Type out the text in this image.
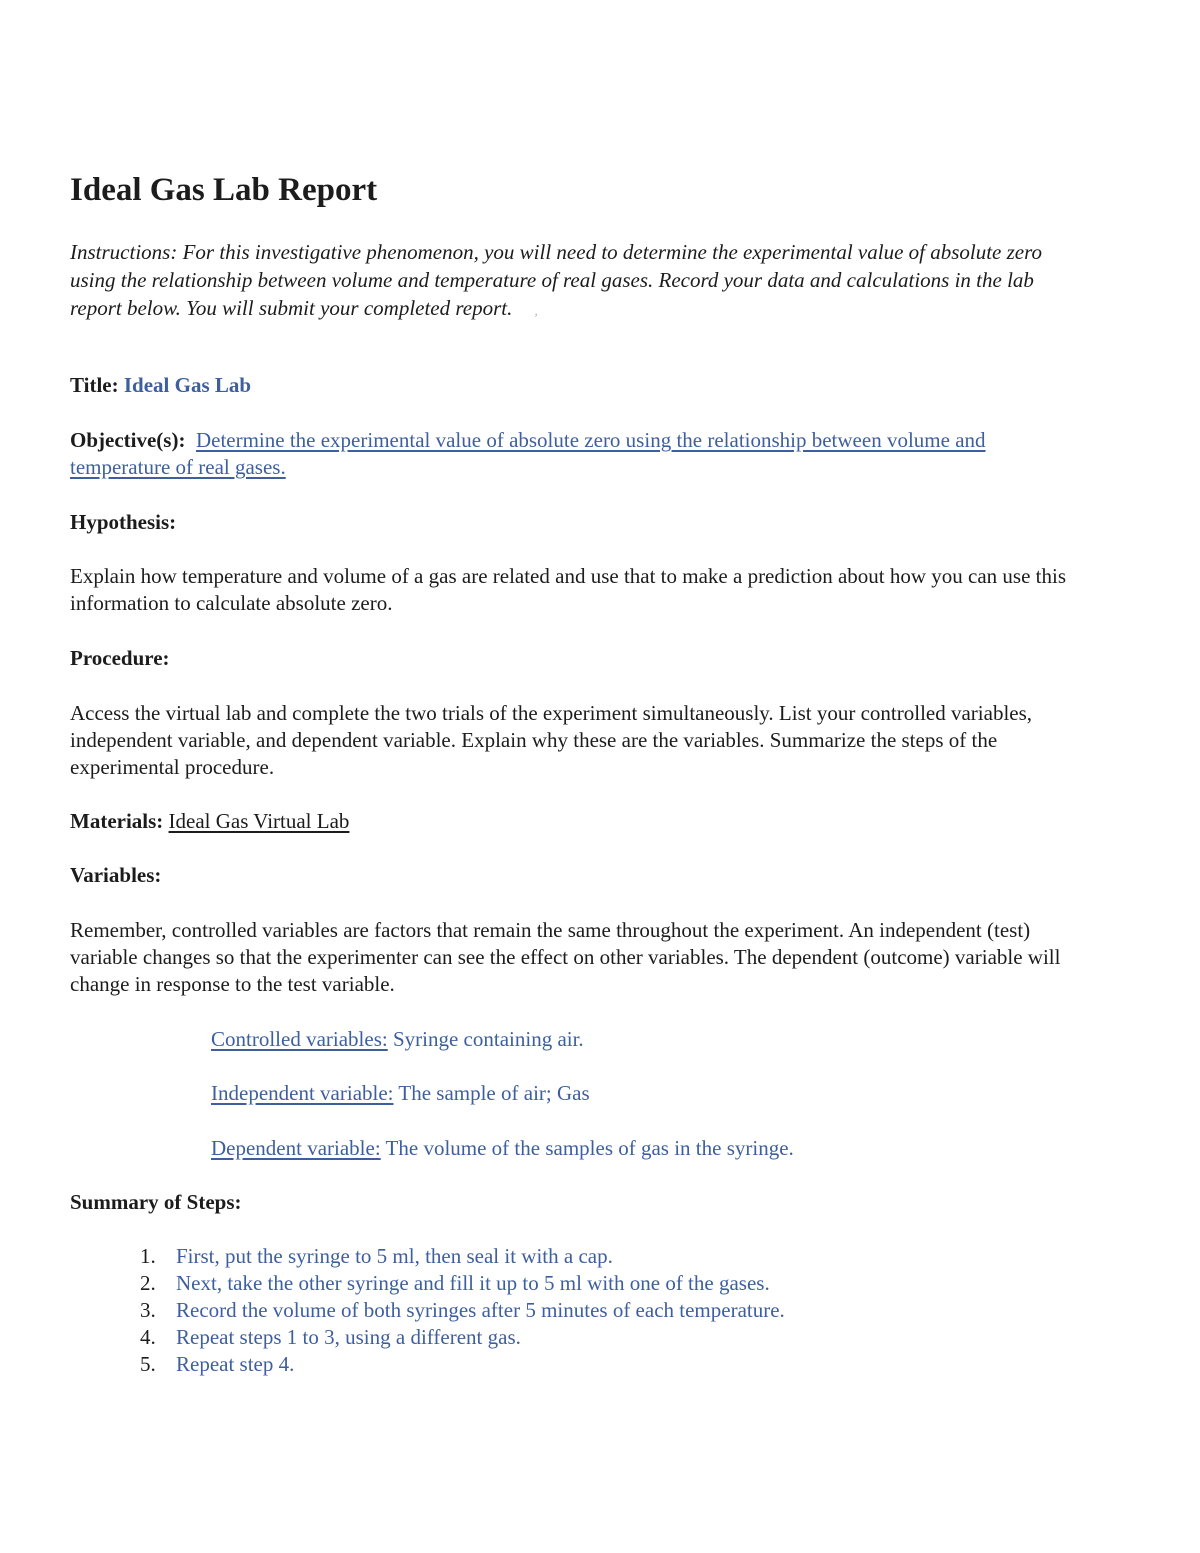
Ideal Gas Lab Report

Instructions: For this investigative phenomenon, you will need to determine the experimental value of absolute zero using the relationship between volume and temperature of real gases. Record your data and calculations in the lab report below. You will submit your completed report. ,

Title: Ideal Gas Lab

Objective(s): Determine the experimental value of absolute zero using the relationship between volume and temperature of real gases.

Hypothesis:

Explain how temperature and volume of a gas are related and use that to make a prediction about how you can use this information to calculate absolute zero.

Procedure:

Access the virtual lab and complete the two trials of the experiment simultaneously. List your controlled variables, independent variable, and dependent variable. Explain why these are the variables. Summarize the steps of the experimental procedure.

Materials: Ideal Gas Virtual Lab

Variables:

Remember, controlled variables are factors that remain the same throughout the experiment. An independent (test) variable changes so that the experimenter can see the effect on other variables. The dependent (outcome) variable will change in response to the test variable.

Controlled variables: Syringe containing air.

Independent variable: The sample of air; Gas

Dependent variable: The volume of the samples of gas in the syringe.

Summary of Steps:

1. First, put the syringe to 5 ml, then seal it with a cap.
2. Next, take the other syringe and fill it up to 5 ml with one of the gases.
3. Record the volume of both syringes after 5 minutes of each temperature.
4. Repeat steps 1 to 3, using a different gas.
5. Repeat step 4.
